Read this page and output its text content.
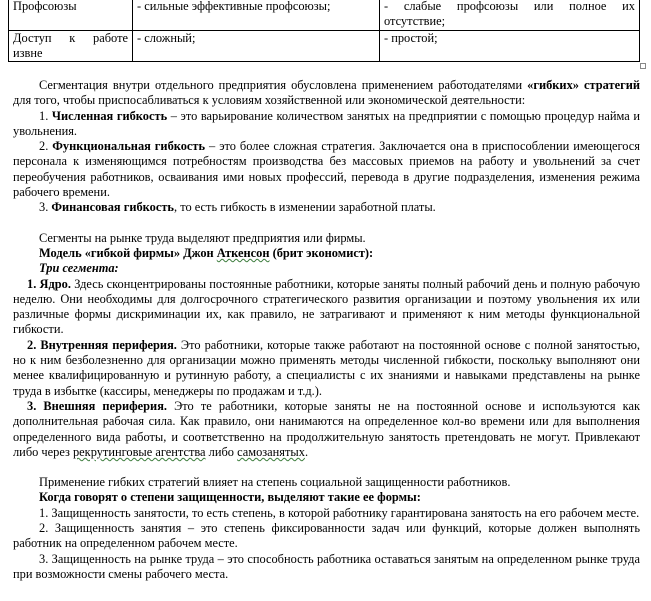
Профсоюзы	- сильные эффективные профсоюзы;	- слабые профсоюзы или полное их отсутствие;
Доступ к работе извне	- сложный;	- простой;

Сегментация внутри отдельного предприятия обусловлена применением работодателями «гибких» стратегий для того, чтобы приспосабливаться к условиям хозяйственной или экономической деятельности:

1. Численная гибкость – это варьирование количеством занятых на предприятии с помощью процедур найма и увольнения.

2. Функциональная гибкость – это более сложная стратегия. Заключается она в приспособлении имеющегося персонала к изменяющимся потребностям производства без массовых приемов на работу и увольнений за счет переобучения работников, осваивания ими новых профессий, перевода в другие подразделения, изменения режима рабочего времени.

3. Финансовая гибкость, то есть гибкость в изменении заработной платы.

Сегменты на рынке труда выделяют предприятия или фирмы.

Модель «гибкой фирмы» Джон Аткенсон (брит экономист):

Три сегмента:

1. Ядро. Здесь сконцентрированы постоянные работники, которые заняты полный рабочий день и полную рабочую неделю. Они необходимы для долгосрочного стратегического развития организации и поэтому увольнения их или различные формы дискриминации их, как правило, не затрагивают и применяют к ним методы функциональной гибкости.

2. Внутренняя периферия. Это работники, которые также работают на постоянной основе с полной занятостью, но к ним безболезненно для организации можно применять методы численной гибкости, поскольку выполняют они менее квалифицированную и рутинную работу, а специалисты с их знаниями и навыками представлены на рынке труда в избытке (кассиры, менеджеры по продажам и т.д.).

3. Внешняя периферия. Это те работники, которые заняты не на постоянной основе и используются как дополнительная рабочая сила. Как правило, они нанимаются на определенное кол-во времени или для выполнения определенного вида работы, и соответственно на продолжительную занятость претендовать не могут. Привлекают либо через рекрутинговые агентства либо самозанятых.

Применение гибких стратегий влияет на степень социальной защищенности работников.

Когда говорят о степени защищенности, выделяют такие ее формы:

1. Защищенность занятости, то есть степень, в которой работнику гарантирована занятость на его рабочем месте.

2. Защищенность занятия – это степень фиксированности задач или функций, которые должен выполнять работник на определенном рабочем месте.

3. Защищенность на рынке труда – это способность работника оставаться занятым на определенном рынке труда при возможности смены рабочего места.
